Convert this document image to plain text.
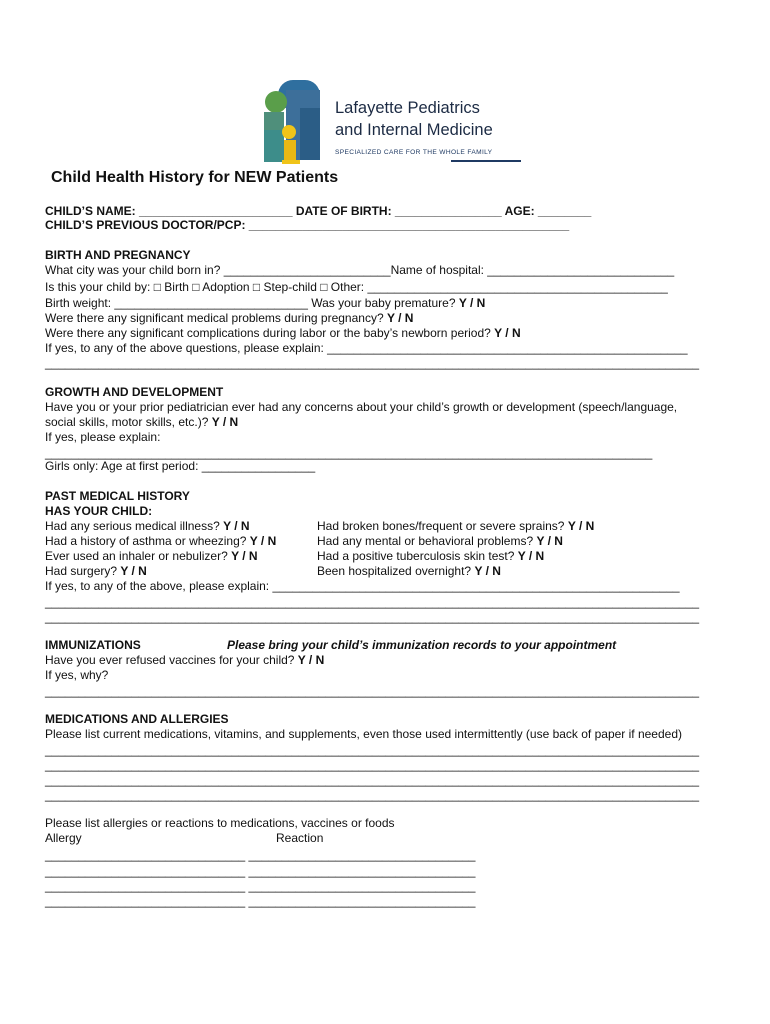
Lafayette Pediatrics
and Internal Medicine
SPECIALIZED CARE FOR THE WHOLE FAMILY
Child Health History for NEW Patients
CHILD’S NAME: _______________________ DATE OF BIRTH: ________________ AGE: ________
CHILD’S PREVIOUS DOCTOR/PCP: ________________________________________________
BIRTH AND PREGNANCY
What city was your child born in? _________________________Name of hospital: ____________________________
Is this your child by: □ Birth □ Adoption □ Step-child □ Other: _____________________________________________
Birth weight: _____________________________ Was your baby premature? Y / N
Were there any significant medical problems during pregnancy? Y / N
Were there any significant complications during labor or the baby’s newborn period? Y / N
If yes, to any of the above questions, please explain: ______________________________________________________
__________________________________________________________________________________________________
GROWTH AND DEVELOPMENT
Have you or your prior pediatrician ever had any concerns about your child’s growth or development (speech/language,
social skills, motor skills, etc.)? Y / N
If yes, please explain:
___________________________________________________________________________________________
Girls only: Age at first period: _________________
PAST MEDICAL HISTORY
HAS YOUR CHILD:
Had any serious medical illness? Y / N
Had a history of asthma or wheezing? Y / N
Ever used an inhaler or nebulizer? Y / N
Had surgery? Y / N
Had broken bones/frequent or severe sprains? Y / N
Had any mental or behavioral problems? Y / N
Had a positive tuberculosis skin test? Y / N
Been hospitalized overnight? Y / N
If yes, to any of the above, please explain: _____________________________________________________________
__________________________________________________________________________________________________
__________________________________________________________________________________________________
IMMUNIZATIONS	Please bring your child’s immunization records to your appointment
Have you ever refused vaccines for your child? Y / N
If yes, why?
__________________________________________________________________________________________________
MEDICATIONS AND ALLERGIES
Please list current medications, vitamins, and supplements, even those used intermittently (use back of paper if needed)
__________________________________________________________________________________________________
__________________________________________________________________________________________________
__________________________________________________________________________________________________
__________________________________________________________________________________________________
Please list allergies or reactions to medications, vaccines or foods
Allergy	Reaction
______________________________ __________________________________
______________________________ __________________________________
______________________________ __________________________________
______________________________ __________________________________
